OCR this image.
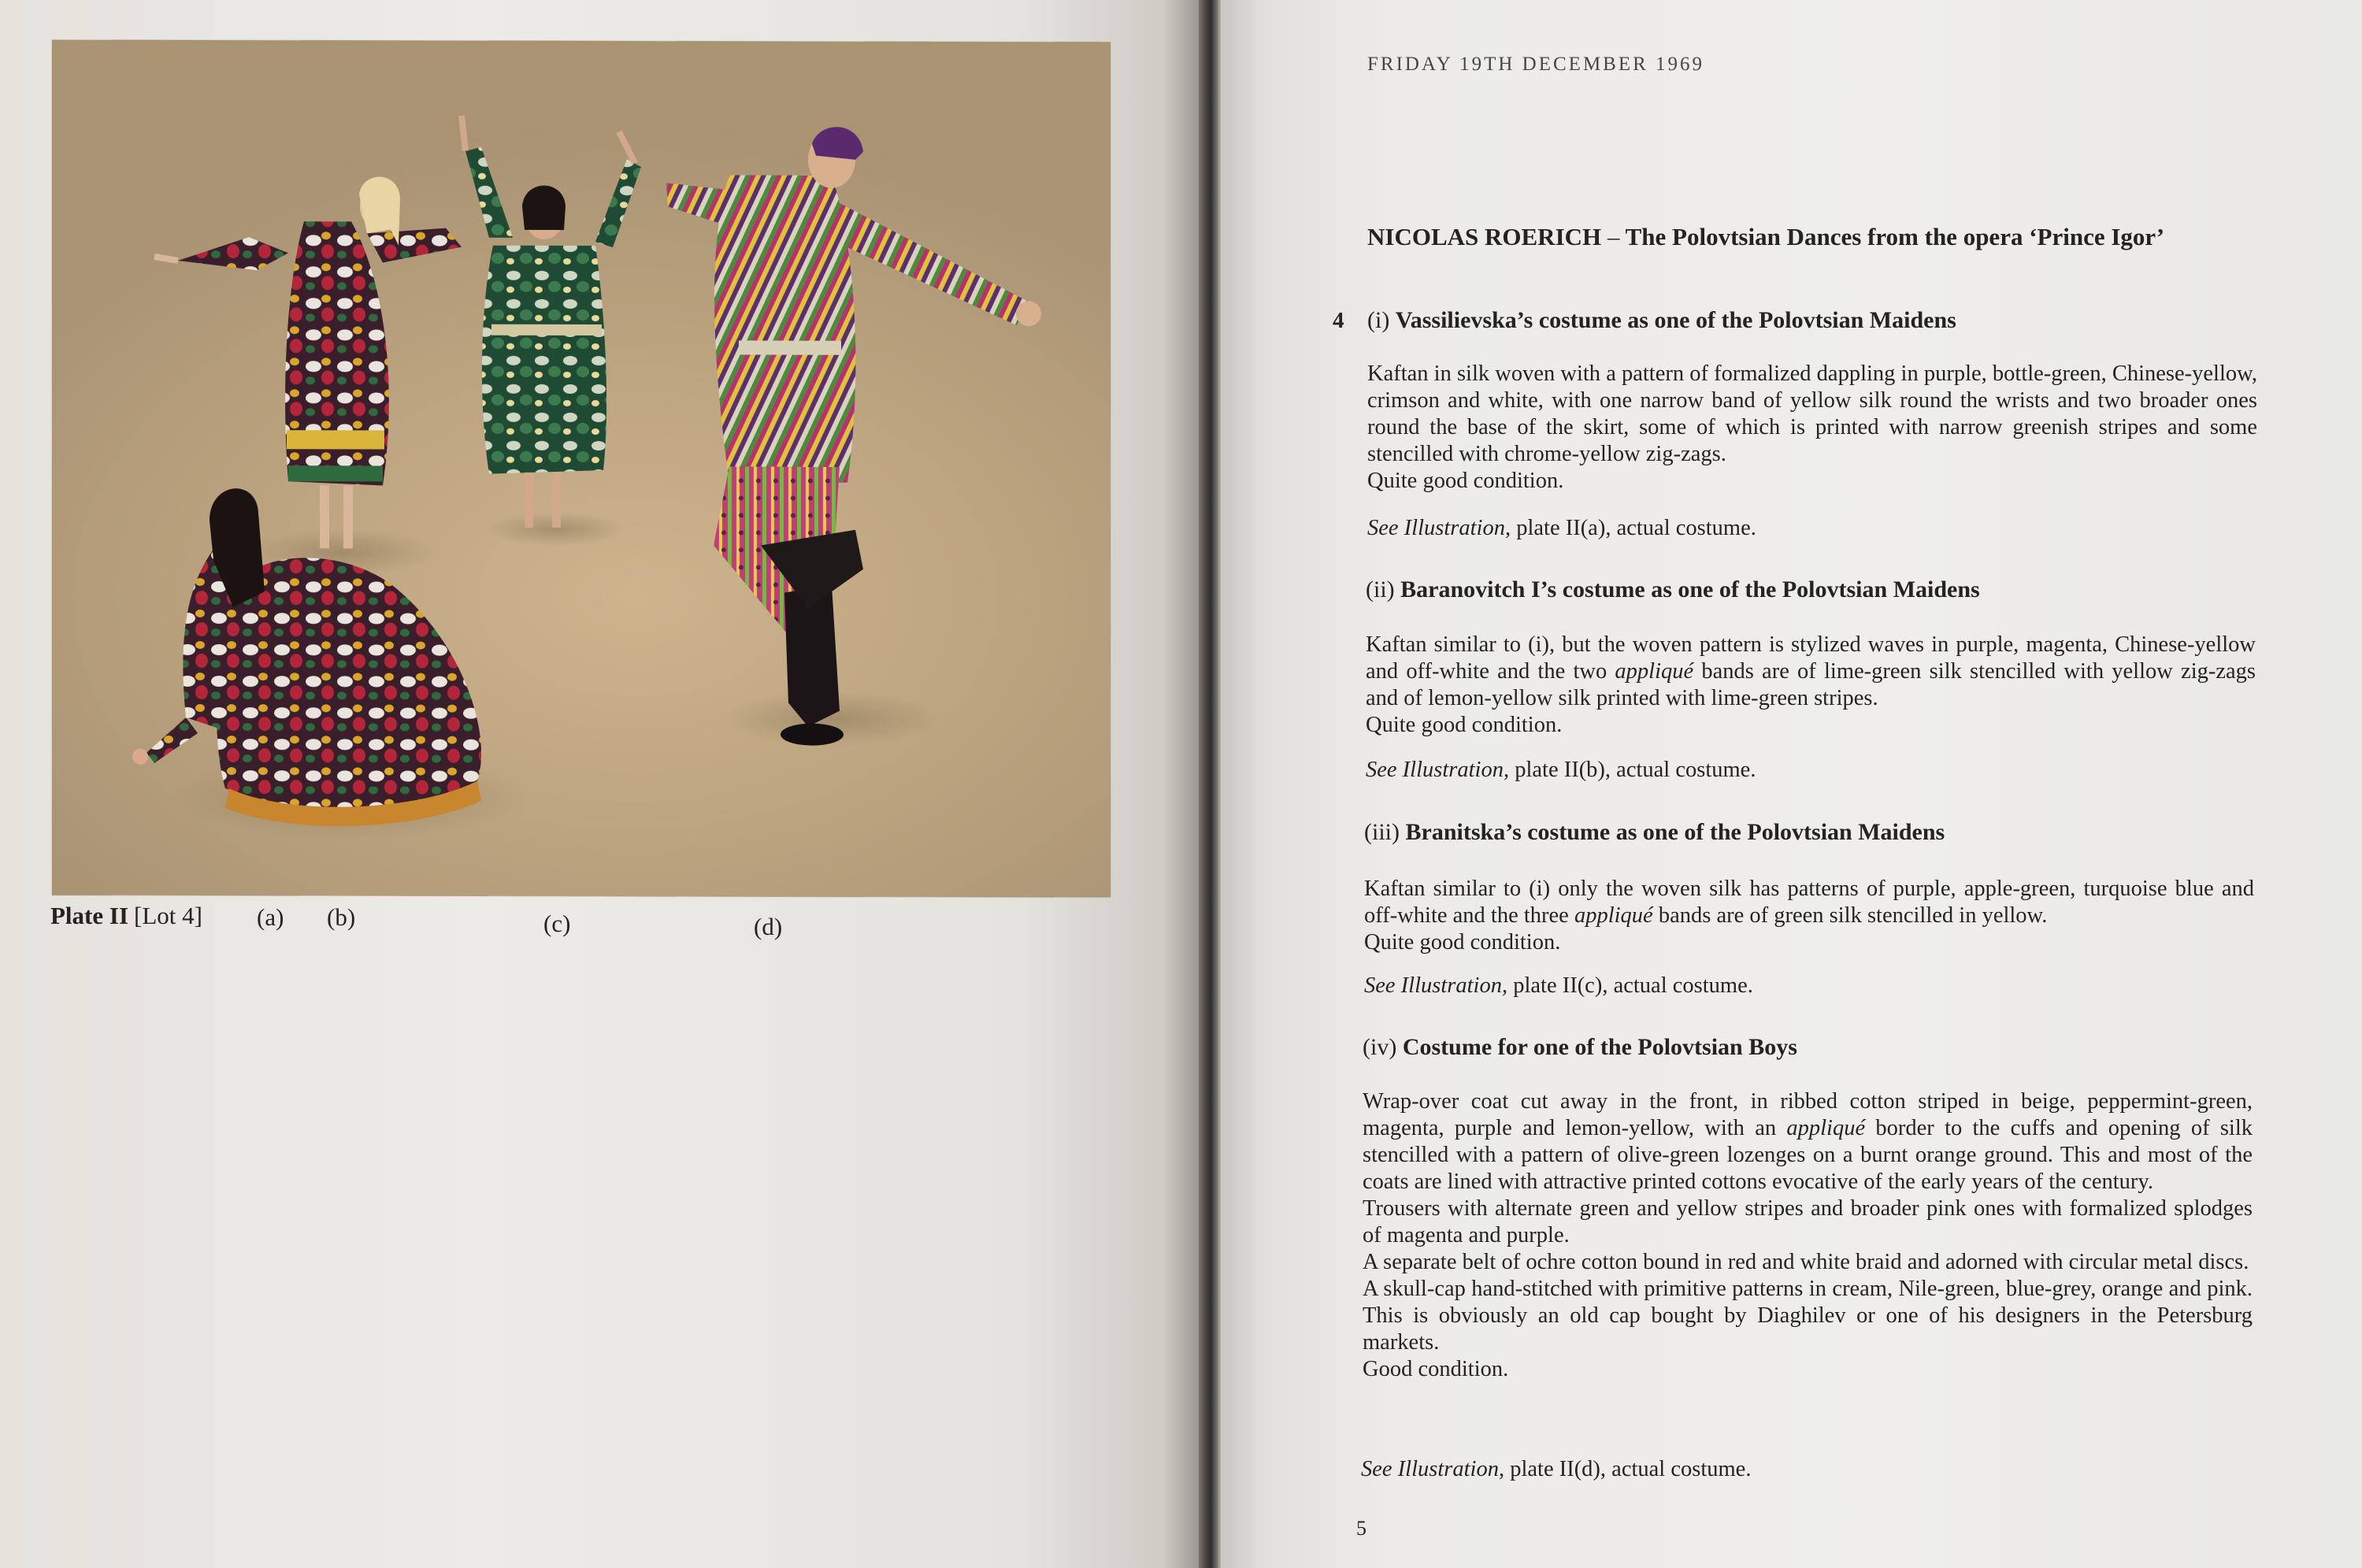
Plate II [Lot 4] (a) (b)	(c)	(d)
FRIDAY 19TH DECEMBER 1969
NICOLAS ROERICH – The Polovtsian Dances from the opera ‘Prince Igor’
4 (i) Vassilievska’s costume as one of the Polovtsian Maidens

Kaftan in silk woven with a pattern of formalized dappling in purple, bottle-green, Chinese-yellow, crimson and white, with one narrow band of yellow silk round the wrists and two broader ones round the base of the skirt, some of which is printed with narrow greenish stripes and some stencilled with chrome-yellow zig-zags.

Quite good condition.

See Illustration, plate II(a), actual costume.
(ii) Baranovitch I’s costume as one of the Polovtsian Maidens

Kaftan similar to (i), but the woven pattern is stylized waves in purple, magenta, Chinese-yellow and off-white and the two appliqué bands are of lime-green silk stencilled with yellow zig-zags and of lemon-yellow silk printed with lime-green stripes.

Quite good condition.

See Illustration, plate II(b), actual costume.
(iii) Branitska’s costume as one of the Polovtsian Maidens

Kaftan similar to (i) only the woven silk has patterns of purple, apple-green, turquoise blue and off-white and the three appliqué bands are of green silk stencilled in yellow.

Quite good condition.

See Illustration, plate II(c), actual costume.
(iv) Costume for one of the Polovtsian Boys

Wrap-over coat cut away in the front, in ribbed cotton striped in beige, peppermint-green, magenta, purple and lemon-yellow, with an appliqué border to the cuffs and opening of silk stencilled with a pattern of olive-green lozenges on a burnt orange ground. This and most of the coats are lined with attractive printed cottons evocative of the early years of the century.

Trousers with alternate green and yellow stripes and broader pink ones with formalized splodges of magenta and purple.

A separate belt of ochre cotton bound in red and white braid and adorned with circular metal discs.

A skull-cap hand-stitched with primitive patterns in cream, Nile-green, blue-grey, orange and pink. This is obviously an old cap bought by Diaghilev or one of his designers in the Petersburg markets.

Good condition.

See Illustration, plate II(d), actual costume.
5
